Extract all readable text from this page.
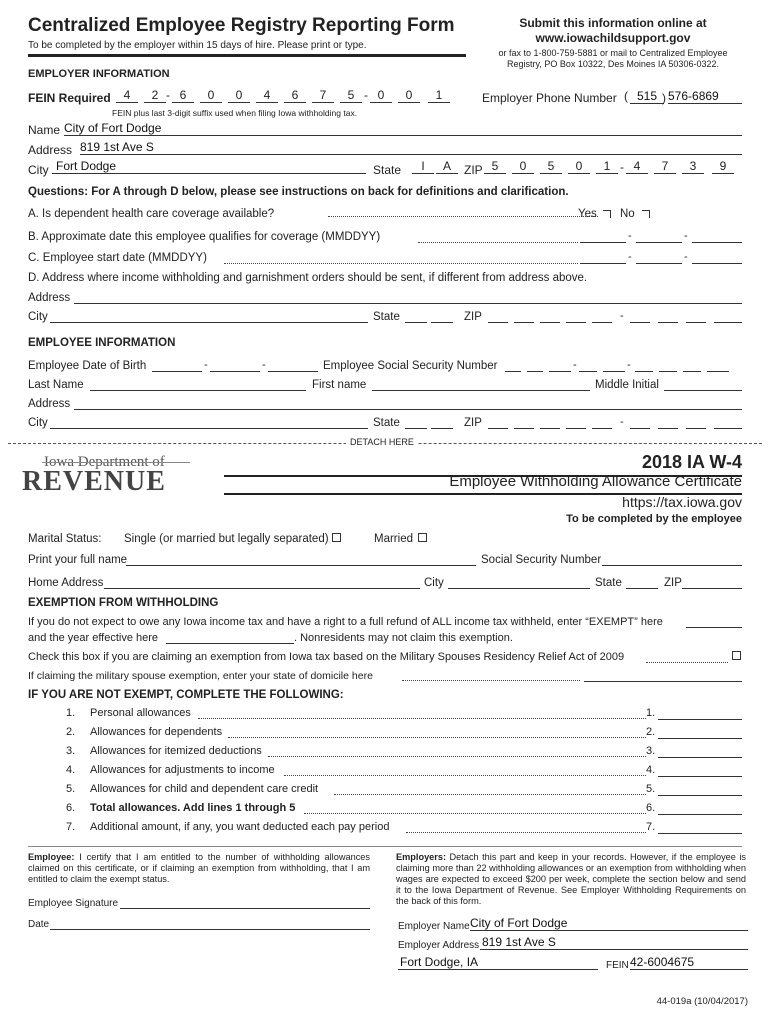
Centralized Employee Registry Reporting Form
To be completed by the employer within 15 days of hire. Please print or type.
Submit this information online at
www.iowachildsupport.gov
or fax to 1-800-759-5881 or mail to Centralized Employee Registry, PO Box 10322, Des Moines IA 50306-0322.
EMPLOYER INFORMATION
FEIN Required	4	2 - 6	0	0	4	6	7	5 - 0	0	1
FEIN plus last 3-digit suffix used when filing Iowa withholding tax.
Employer Phone Number ( 515 ) 576-6869
Name City of Fort Dodge
Address 819 1st Ave S
City Fort Dodge	State	I	A	ZIP 5	0	5	0	1 - 4	7	3	9
Questions: For A through D below, please see instructions on back for definitions and clarification.
A. Is dependent health care coverage available?	Yes No
B. Approximate date this employee qualifies for coverage (MMDDYY)	-	-
C. Employee start date (MMDDYY)	-	-
D. Address where income withholding and garnishment orders should be sent, if different from address above.
Address
City	State	ZIP	-
EMPLOYEE INFORMATION
Employee Date of Birth	-	-	Employee Social Security Number	-	-
Last Name	First name	Middle Initial
Address
City	State	ZIP	-
DETACH HERE
Iowa Department of
REVENUE
2018 IA W-4
Employee Withholding Allowance Certificate
https://tax.iowa.gov
To be completed by the employee
Marital Status: Single (or married but legally separated)	Married
Print your full name	Social Security Number
Home Address	City	State	ZIP
EXEMPTION FROM WITHHOLDING
If you do not expect to owe any Iowa income tax and have a right to a full refund of ALL income tax withheld, enter “EXEMPT” here
and the year effective here	. Nonresidents may not claim this exemption.
Check this box if you are claiming an exemption from Iowa tax based on the Military Spouses Residency Relief Act of 2009
If claiming the military spouse exemption, enter your state of domicile here
IF YOU ARE NOT EXEMPT, COMPLETE THE FOLLOWING:
1. Personal allowances	1.
2. Allowances for dependents	2.
3. Allowances for itemized deductions	3.
4. Allowances for adjustments to income	4.
5. Allowances for child and dependent care credit	5.
6. Total allowances. Add lines 1 through 5	6.
7. Additional amount, if any, you want deducted each pay period	7.
Employee: I certify that I am entitled to the number of withholding allowances claimed on this certificate, or if claiming an exemption from withholding, that I am entitled to claim the exempt status.
Employee Signature
Date
Employers: Detach this part and keep in your records. However, if the employee is claiming more than 22 withholding allowances or an exemption from withholding when wages are expected to exceed $200 per week, complete the section below and send it to the Iowa Department of Revenue. See Employer Withholding Requirements on the back of this form.
Employer Name City of Fort Dodge
Employer Address 819 1st Ave S
Fort Dodge, IA	FEIN 42-6004675
44-019a (10/04/2017)
